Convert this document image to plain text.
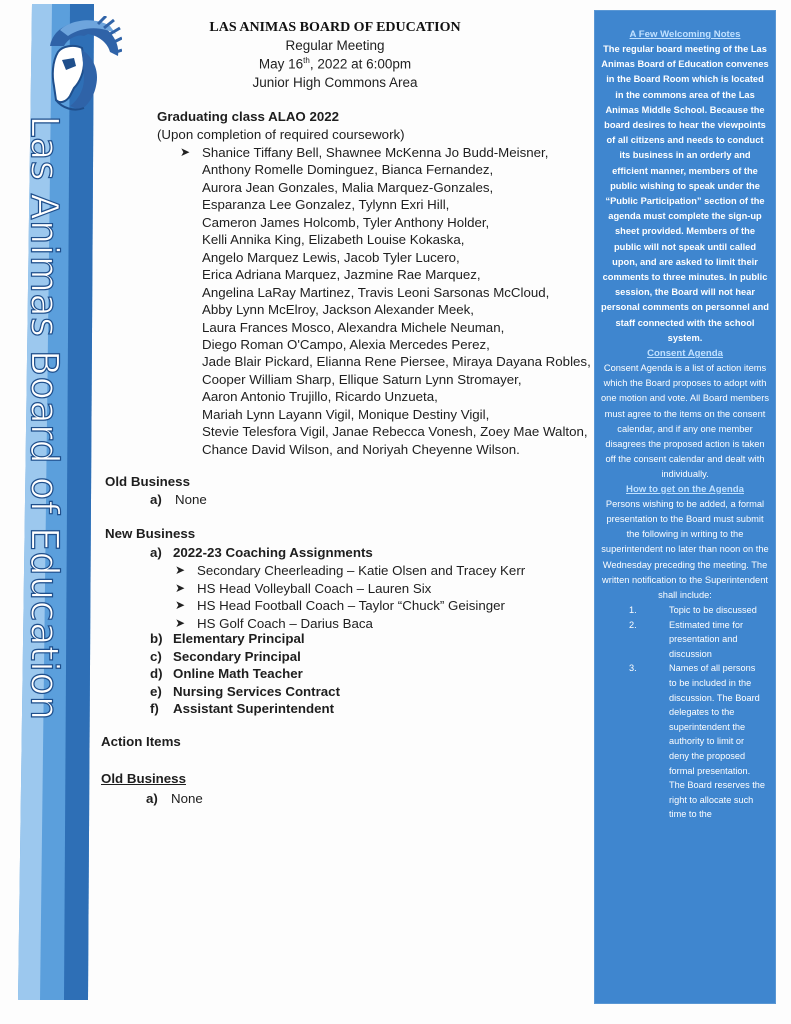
Las Animas Board of Education
LAS ANIMAS BOARD OF EDUCATION
Regular Meeting
May 16th, 2022 at 6:00pm
Junior High Commons Area
Graduating class ALAO 2022
(Upon completion of required coursework)
➤ Shanice Tiffany Bell, Shawnee McKenna Jo Budd-Meisner,
Anthony Romelle Dominguez, Bianca Fernandez,
Aurora Jean Gonzales, Malia Marquez-Gonzales,
Esparanza Lee Gonzalez, Tylynn Exri Hill,
Cameron James Holcomb, Tyler Anthony Holder,
Kelli Annika King, Elizabeth Louise Kokaska,
Angelo Marquez Lewis, Jacob Tyler Lucero,
Erica Adriana Marquez, Jazmine Rae Marquez,
Angelina LaRay Martinez, Travis Leoni Sarsonas McCloud,
Abby Lynn McElroy, Jackson Alexander Meek,
Laura Frances Mosco, Alexandra Michele Neuman,
Diego Roman O'Campo, Alexia Mercedes Perez,
Jade Blair Pickard, Elianna Rene Piersee, Miraya Dayana Robles,
Cooper William Sharp, Ellique Saturn Lynn Stromayer,
Aaron Antonio Trujillo, Ricardo Unzueta,
Mariah Lynn Layann Vigil, Monique Destiny Vigil,
Stevie Telesfora Vigil, Janae Rebecca Vonesh, Zoey Mae Walton,
Chance David Wilson, and Noriyah Cheyenne Wilson.
Old Business
a) None
New Business
a) 2022-23 Coaching Assignments
➤ Secondary Cheerleading – Katie Olsen and Tracey Kerr
➤ HS Head Volleyball Coach – Lauren Six
➤ HS Head Football Coach – Taylor “Chuck” Geisinger
➤ HS Golf Coach – Darius Baca
b) Elementary Principal
c) Secondary Principal
d) Online Math Teacher
e) Nursing Services Contract
f) Assistant Superintendent
Action Items
Old Business
a) None
A Few Welcoming Notes
The regular board meeting of the Las Animas Board of Education convenes in the Board Room which is located in the commons area of the Las Animas Middle School. Because the board desires to hear the viewpoints of all citizens and needs to conduct its business in an orderly and efficient manner, members of the public wishing to speak under the “Public Participation” section of the agenda must complete the sign-up sheet provided. Members of the public will not speak until called upon, and are asked to limit their comments to three minutes. In public session, the Board will not hear personal comments on personnel and staff connected with the school system.
Consent Agenda
Consent Agenda is a list of action items which the Board proposes to adopt with one motion and vote. All Board members must agree to the items on the consent calendar, and if any one member disagrees the proposed action is taken off the consent calendar and dealt with individually.
How to get on the Agenda
Persons wishing to be added, a formal presentation to the Board must submit the following in writing to the superintendent no later than noon on the Wednesday preceding the meeting. The written notification to the Superintendent shall include:
1.	Topic to be discussed
2.	Estimated time for presentation and discussion
3.	Names of all persons to be included in the discussion. The Board delegates to the superintendent the authority to limit or deny the proposed formal presentation. The Board reserves the right to allocate such time to the
